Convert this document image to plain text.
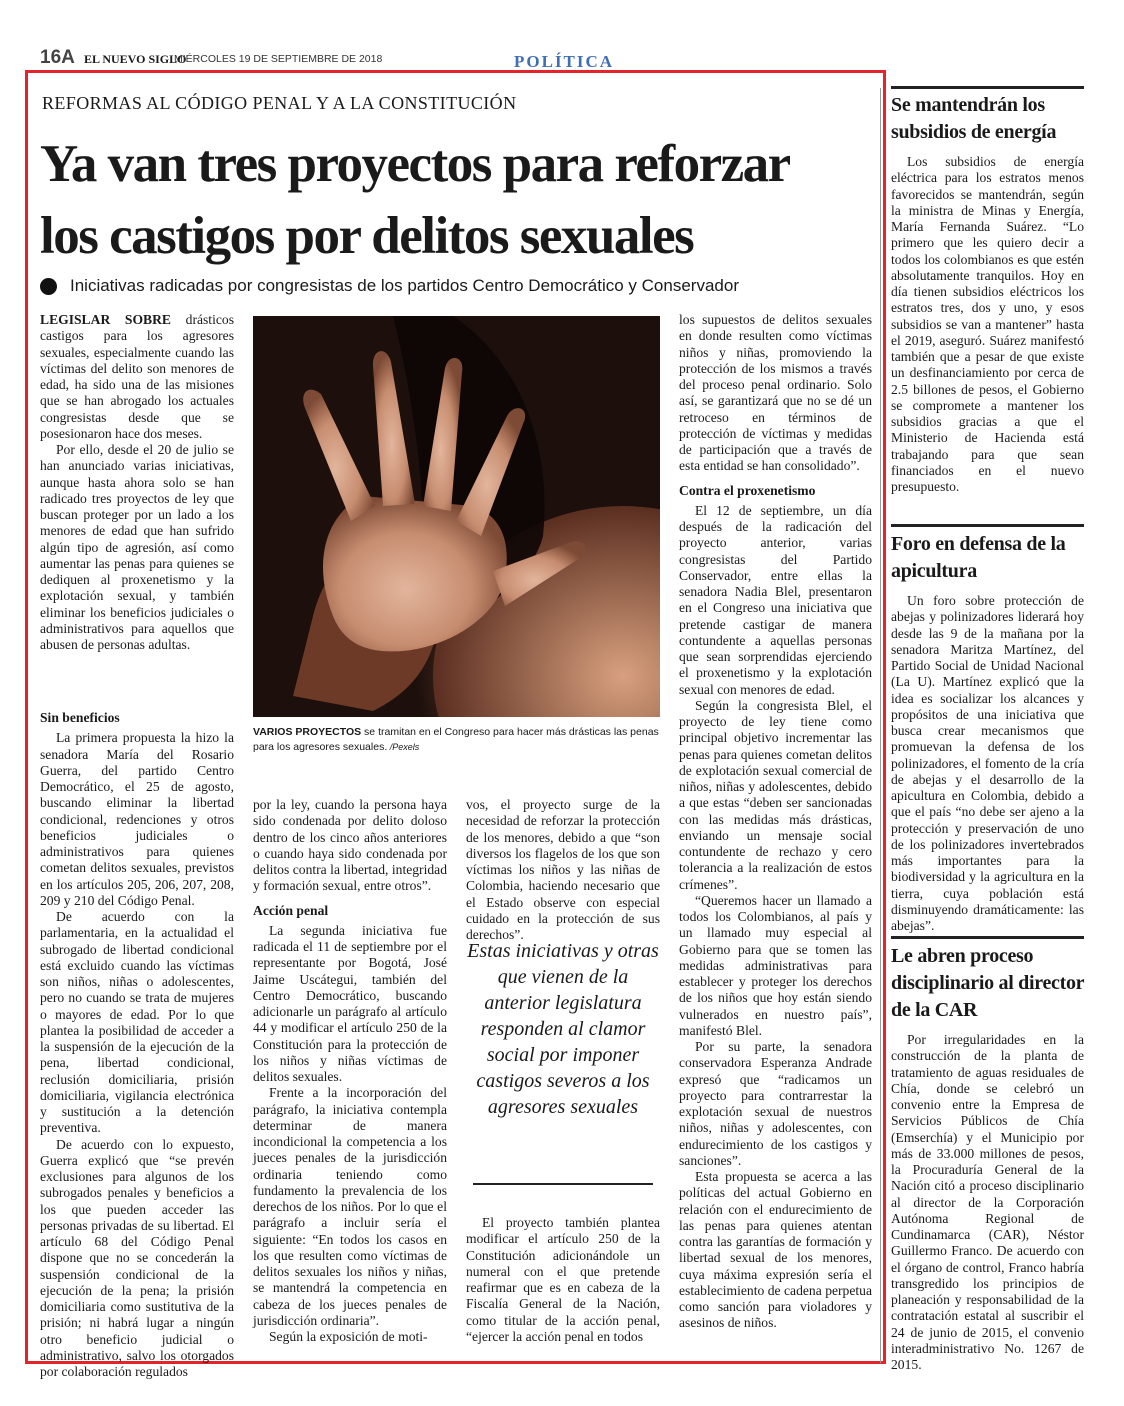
16A EL NUEVO SIGLO
MIÉRCOLES 19 DE SEPTIEMBRE DE 2018	POLÍTICA
REFORMAS AL CÓDIGO PENAL Y A LA CONSTITUCIÓN
Ya van tres proyectos para reforzar
los castigos por delitos sexuales
Iniciativas radicadas por congresistas de los partidos Centro Democrático y Conservador

LEGISLAR SOBRE drásticos castigos para los agresores sexuales, especialmente cuando las víctimas del delito son menores de edad, ha sido una de las misiones que se han abrogado los actuales congresistas desde que se posesionaron hace dos meses.

Por ello, desde el 20 de julio se han anunciado varias iniciativas, aunque hasta ahora solo se han radicado tres proyectos de ley que buscan proteger por un lado a los menores de edad que han sufrido algún tipo de agresión, así como aumentar las penas para quienes se dediquen al proxenetismo y la explotación sexual, y también eliminar los beneficios judiciales o administrativos para aquellos que abusen de personas adultas.

VARIOS PROYECTOS se tramitan en el Congreso para hacer más drásticas las penas para los agresores sexuales. /Pexels
Sin beneficios

La primera propuesta la hizo la senadora María del Rosario Guerra, del partido Centro Democrático, el 25 de agosto, buscando eliminar la libertad condicional, redenciones y otros beneficios judiciales o administrativos para quienes cometan delitos sexuales, previstos en los artículos 205, 206, 207, 208, 209 y 210 del Código Penal.

De acuerdo con la parlamentaria, en la actualidad el subrogado de libertad condicional está excluido cuando las víctimas son niños, niñas o adolescentes, pero no cuando se trata de mujeres o mayores de edad. Por lo que plantea la posibilidad de acceder a la suspensión de la ejecución de la pena, libertad condicional, reclusión domiciliaria, prisión domiciliaria, vigilancia electrónica y sustitución a la detención preventiva.

De acuerdo con lo expuesto, Guerra explicó que “se prevén exclusiones para algunos de los subrogados penales y beneficios a los que pueden acceder las personas privadas de su libertad. El artículo 68 del Código Penal dispone que no se concederán la suspensión condicional de la ejecución de la pena; la prisión domiciliaria como sustitutiva de la prisión; ni habrá lugar a ningún otro beneficio judicial o administrativo, salvo los otorgados por colaboración regulados

por la ley, cuando la persona haya sido condenada por delito doloso dentro de los cinco años anteriores o cuando haya sido condenada por delitos contra la libertad, integridad y formación sexual, entre otros”.

Acción penal

La segunda iniciativa fue radicada el 11 de septiembre por el representante por Bogotá, José Jaime Uscátegui, también del Centro Democrático, buscando adicionarle un parágrafo al artículo 44 y modificar el artículo 250 de la Constitución para la protección de los niños y niñas víctimas de delitos sexuales.

Frente a la incorporación del parágrafo, la iniciativa contempla determinar de manera incondicional la competencia a los jueces penales de la jurisdicción ordinaria teniendo como fundamento la prevalencia de los derechos de los niños. Por lo que el parágrafo a incluir sería el siguiente: “En todos los casos en los que resulten como víctimas de delitos sexuales los niños y niñas, se mantendrá la competencia en cabeza de los jueces penales de jurisdicción ordinaria”.

Según la exposición de moti-

vos, el proyecto surge de la necesidad de reforzar la protección de los menores, debido a que “son diversos los flagelos de los que son víctimas los niños y las niñas de Colombia, haciendo necesario que el Estado observe con especial cuidado en la protección de sus derechos”.

Estas iniciativas y otras que vienen de la anterior legislatura responden al clamor social por imponer castigos severos a los agresores sexuales

El proyecto también plantea modificar el artículo 250 de la Constitución adicionándole un numeral con el que pretende reafirmar que es en cabeza de la Fiscalía General de la Nación, como titular de la acción penal, “ejercer la acción penal en todos

los supuestos de delitos sexuales en donde resulten como víctimas niños y niñas, promoviendo la protección de los mismos a través del proceso penal ordinario. Solo así, se garantizará que no se dé un retroceso en términos de protección de víctimas y medidas de participación que a través de esta entidad se han consolidado”.

Contra el proxenetismo

El 12 de septiembre, un día después de la radicación del proyecto anterior, varias congresistas del Partido Conservador, entre ellas la senadora Nadia Blel, presentaron en el Congreso una iniciativa que pretende castigar de manera contundente a aquellas personas que sean sorprendidas ejerciendo el proxenetismo y la explotación sexual con menores de edad.

Según la congresista Blel, el proyecto de ley tiene como principal objetivo incrementar las penas para quienes cometan delitos de explotación sexual comercial de niños, niñas y adolescentes, debido a que estas “deben ser sancionadas con las medidas más drásticas, enviando un mensaje social contundente de rechazo y cero tolerancia a la realización de estos crímenes”.

“Queremos hacer un llamado a todos los Colombianos, al país y un llamado muy especial al Gobierno para que se tomen las medidas administrativas para establecer y proteger los derechos de los niños que hoy están siendo vulnerados en nuestro país”, manifestó Blel.

Por su parte, la senadora conservadora Esperanza Andrade expresó que “radicamos un proyecto para contrarrestar la explotación sexual de nuestros niños, niñas y adolescentes, con endurecimiento de los castigos y sanciones”.

Esta propuesta se acerca a las políticas del actual Gobierno en relación con el endurecimiento de las penas para quienes atentan contra las garantías de formación y libertad sexual de los menores, cuya máxima expresión sería el establecimiento de cadena perpetua como sanción para violadores y asesinos de niños.

Se mantendrán los subsidios de energía

Los subsidios de energía eléctrica para los estratos menos favorecidos se mantendrán, según la ministra de Minas y Energía, María Fernanda Suárez. “Lo primero que les quiero decir a todos los colombianos es que estén absolutamente tranquilos. Hoy en día tienen subsidios eléctricos los estratos tres, dos y uno, y esos subsidios se van a mantener” hasta el 2019, aseguró. Suárez manifestó también que a pesar de que existe un desfinanciamiento por cerca de 2.5 billones de pesos, el Gobierno se compromete a mantener los subsidios gracias a que el Ministerio de Hacienda está trabajando para que sean financiados en el nuevo presupuesto.

Foro en defensa de la apicultura

Un foro sobre protección de abejas y polinizadores liderará hoy desde las 9 de la mañana por la senadora Maritza Martínez, del Partido Social de Unidad Nacional (La U). Martínez explicó que la idea es socializar los alcances y propósitos de una iniciativa que busca crear mecanismos que promuevan la defensa de los polinizadores, el fomento de la cría de abejas y el desarrollo de la apicultura en Colombia, debido a que el país “no debe ser ajeno a la protección y preservación de uno de los polinizadores invertebrados más importantes para la biodiversidad y la agricultura en la tierra, cuya población está disminuyendo dramáticamente: las abejas”.

Le abren proceso disciplinario al director de la CAR

Por irregularidades en la construcción de la planta de tratamiento de aguas residuales de Chía, donde se celebró un convenio entre la Empresa de Servicios Públicos de Chía (Emserchía) y el Municipio por más de 33.000 millones de pesos, la Procuraduría General de la Nación citó a proceso disciplinario al director de la Corporación Autónoma Regional de Cundinamarca (CAR), Néstor Guillermo Franco. De acuerdo con el órgano de control, Franco habría transgredido los principios de planeación y responsabilidad de la contratación estatal al suscribir el 24 de junio de 2015, el convenio interadministrativo No. 1267 de 2015.
